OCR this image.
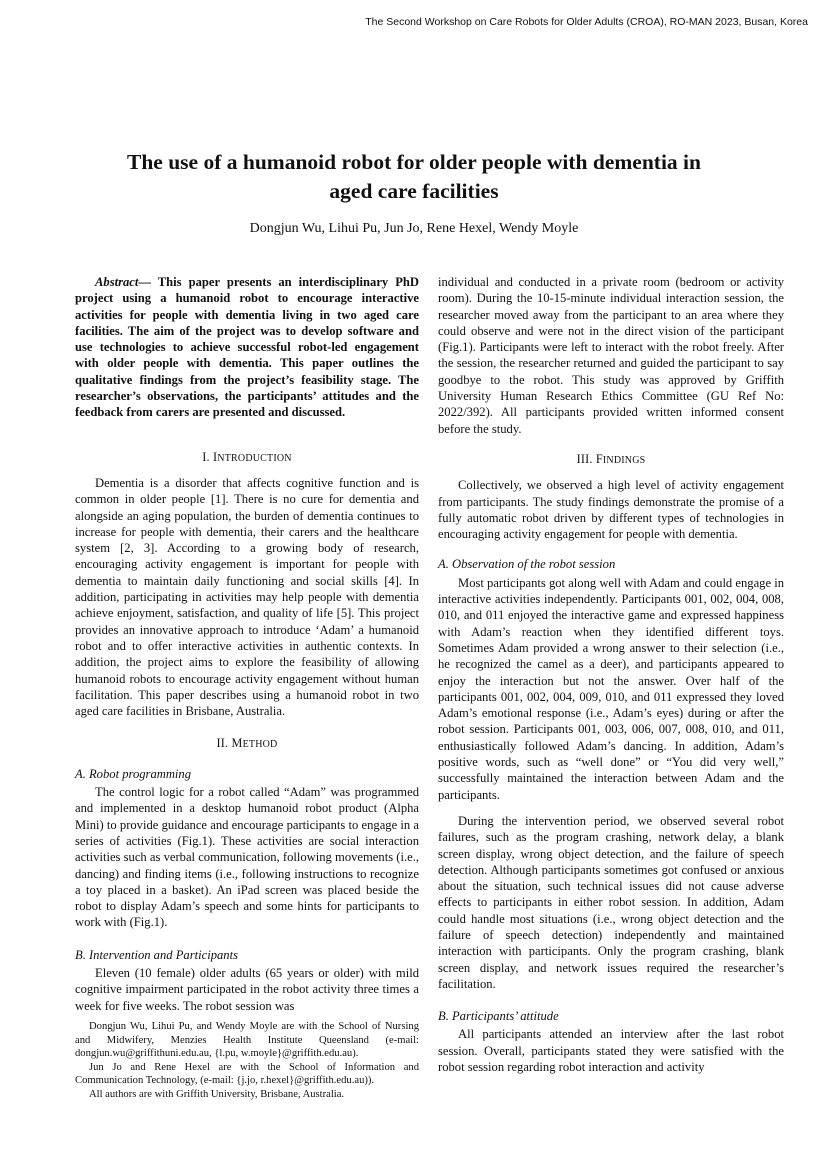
The Second Workshop on Care Robots for Older Adults (CROA), RO-MAN 2023, Busan, Korea
The use of a humanoid robot for older people with dementia in
aged care facilities
Dongjun Wu, Lihui Pu, Jun Jo, Rene Hexel, Wendy Moyle

Abstract— This paper presents an interdisciplinary PhD project using a humanoid robot to encourage interactive activities for people with dementia living in two aged care facilities. The aim of the project was to develop software and use technologies to achieve successful robot-led engagement with older people with dementia. This paper outlines the qualitative findings from the project’s feasibility stage. The researcher’s observations, the participants’ attitudes and the feedback from carers are presented and discussed.

I. INTRODUCTION

Dementia is a disorder that affects cognitive function and is common in older people [1]. There is no cure for dementia and alongside an aging population, the burden of dementia continues to increase for people with dementia, their carers and the healthcare system [2, 3]. According to a growing body of research, encouraging activity engagement is important for people with dementia to maintain daily functioning and social skills [4]. In addition, participating in activities may help people with dementia achieve enjoyment, satisfaction, and quality of life [5]. This project provides an innovative approach to introduce ‘Adam’ a humanoid robot and to offer interactive activities in authentic contexts. In addition, the project aims to explore the feasibility of allowing humanoid robots to encourage activity engagement without human facilitation. This paper describes using a humanoid robot in two aged care facilities in Brisbane, Australia.

II. METHOD
A. Robot programming

The control logic for a robot called “Adam” was programmed and implemented in a desktop humanoid robot product (Alpha Mini) to provide guidance and encourage participants to engage in a series of activities (Fig.1). These activities are social interaction activities such as verbal communication, following movements (i.e., dancing) and finding items (i.e., following instructions to recognize a toy placed in a basket). An iPad screen was placed beside the robot to display Adam’s speech and some hints for participants to work with (Fig.1).

B. Intervention and Participants

Eleven (10 female) older adults (65 years or older) with mild cognitive impairment participated in the robot activity three times a week for five weeks. The robot session was

Dongjun Wu, Lihui Pu, and Wendy Moyle are with the School of Nursing and Midwifery, Menzies Health Institute Queensland (e-mail: dongjun.wu@griffithuni.edu.au, {l.pu, w.moyle}@griffith.edu.au).

Jun Jo and Rene Hexel are with the School of Information and Communication Technology, (e-mail: {j.jo, r.hexel}@griffith.edu.au)).

All authors are with Griffith University, Brisbane, Australia.

individual and conducted in a private room (bedroom or activity room). During the 10-15-minute individual interaction session, the researcher moved away from the participant to an area where they could observe and were not in the direct vision of the participant (Fig.1). Participants were left to interact with the robot freely. After the session, the researcher returned and guided the participant to say goodbye to the robot. This study was approved by Griffith University Human Research Ethics Committee (GU Ref No: 2022/392). All participants provided written informed consent before the study.

III. FINDINGS

Collectively, we observed a high level of activity engagement from participants. The study findings demonstrate the promise of a fully automatic robot driven by different types of technologies in encouraging activity engagement for people with dementia.

A. Observation of the robot session

Most participants got along well with Adam and could engage in interactive activities independently. Participants 001, 002, 004, 008, 010, and 011 enjoyed the interactive game and expressed happiness with Adam’s reaction when they identified different toys. Sometimes Adam provided a wrong answer to their selection (i.e., he recognized the camel as a deer), and participants appeared to enjoy the interaction but not the answer. Over half of the participants 001, 002, 004, 009, 010, and 011 expressed they loved Adam’s emotional response (i.e., Adam’s eyes) during or after the robot session. Participants 001, 003, 006, 007, 008, 010, and 011, enthusiastically followed Adam’s dancing. In addition, Adam’s positive words, such as “well done” or “You did very well,” successfully maintained the interaction between Adam and the participants.

During the intervention period, we observed several robot failures, such as the program crashing, network delay, a blank screen display, wrong object detection, and the failure of speech detection. Although participants sometimes got confused or anxious about the situation, such technical issues did not cause adverse effects to participants in either robot session. In addition, Adam could handle most situations (i.e., wrong object detection and the failure of speech detection) independently and maintained interaction with participants. Only the program crashing, blank screen display, and network issues required the researcher’s facilitation.

B. Participants’ attitude

All participants attended an interview after the last robot session. Overall, participants stated they were satisfied with the robot session regarding robot interaction and activity
